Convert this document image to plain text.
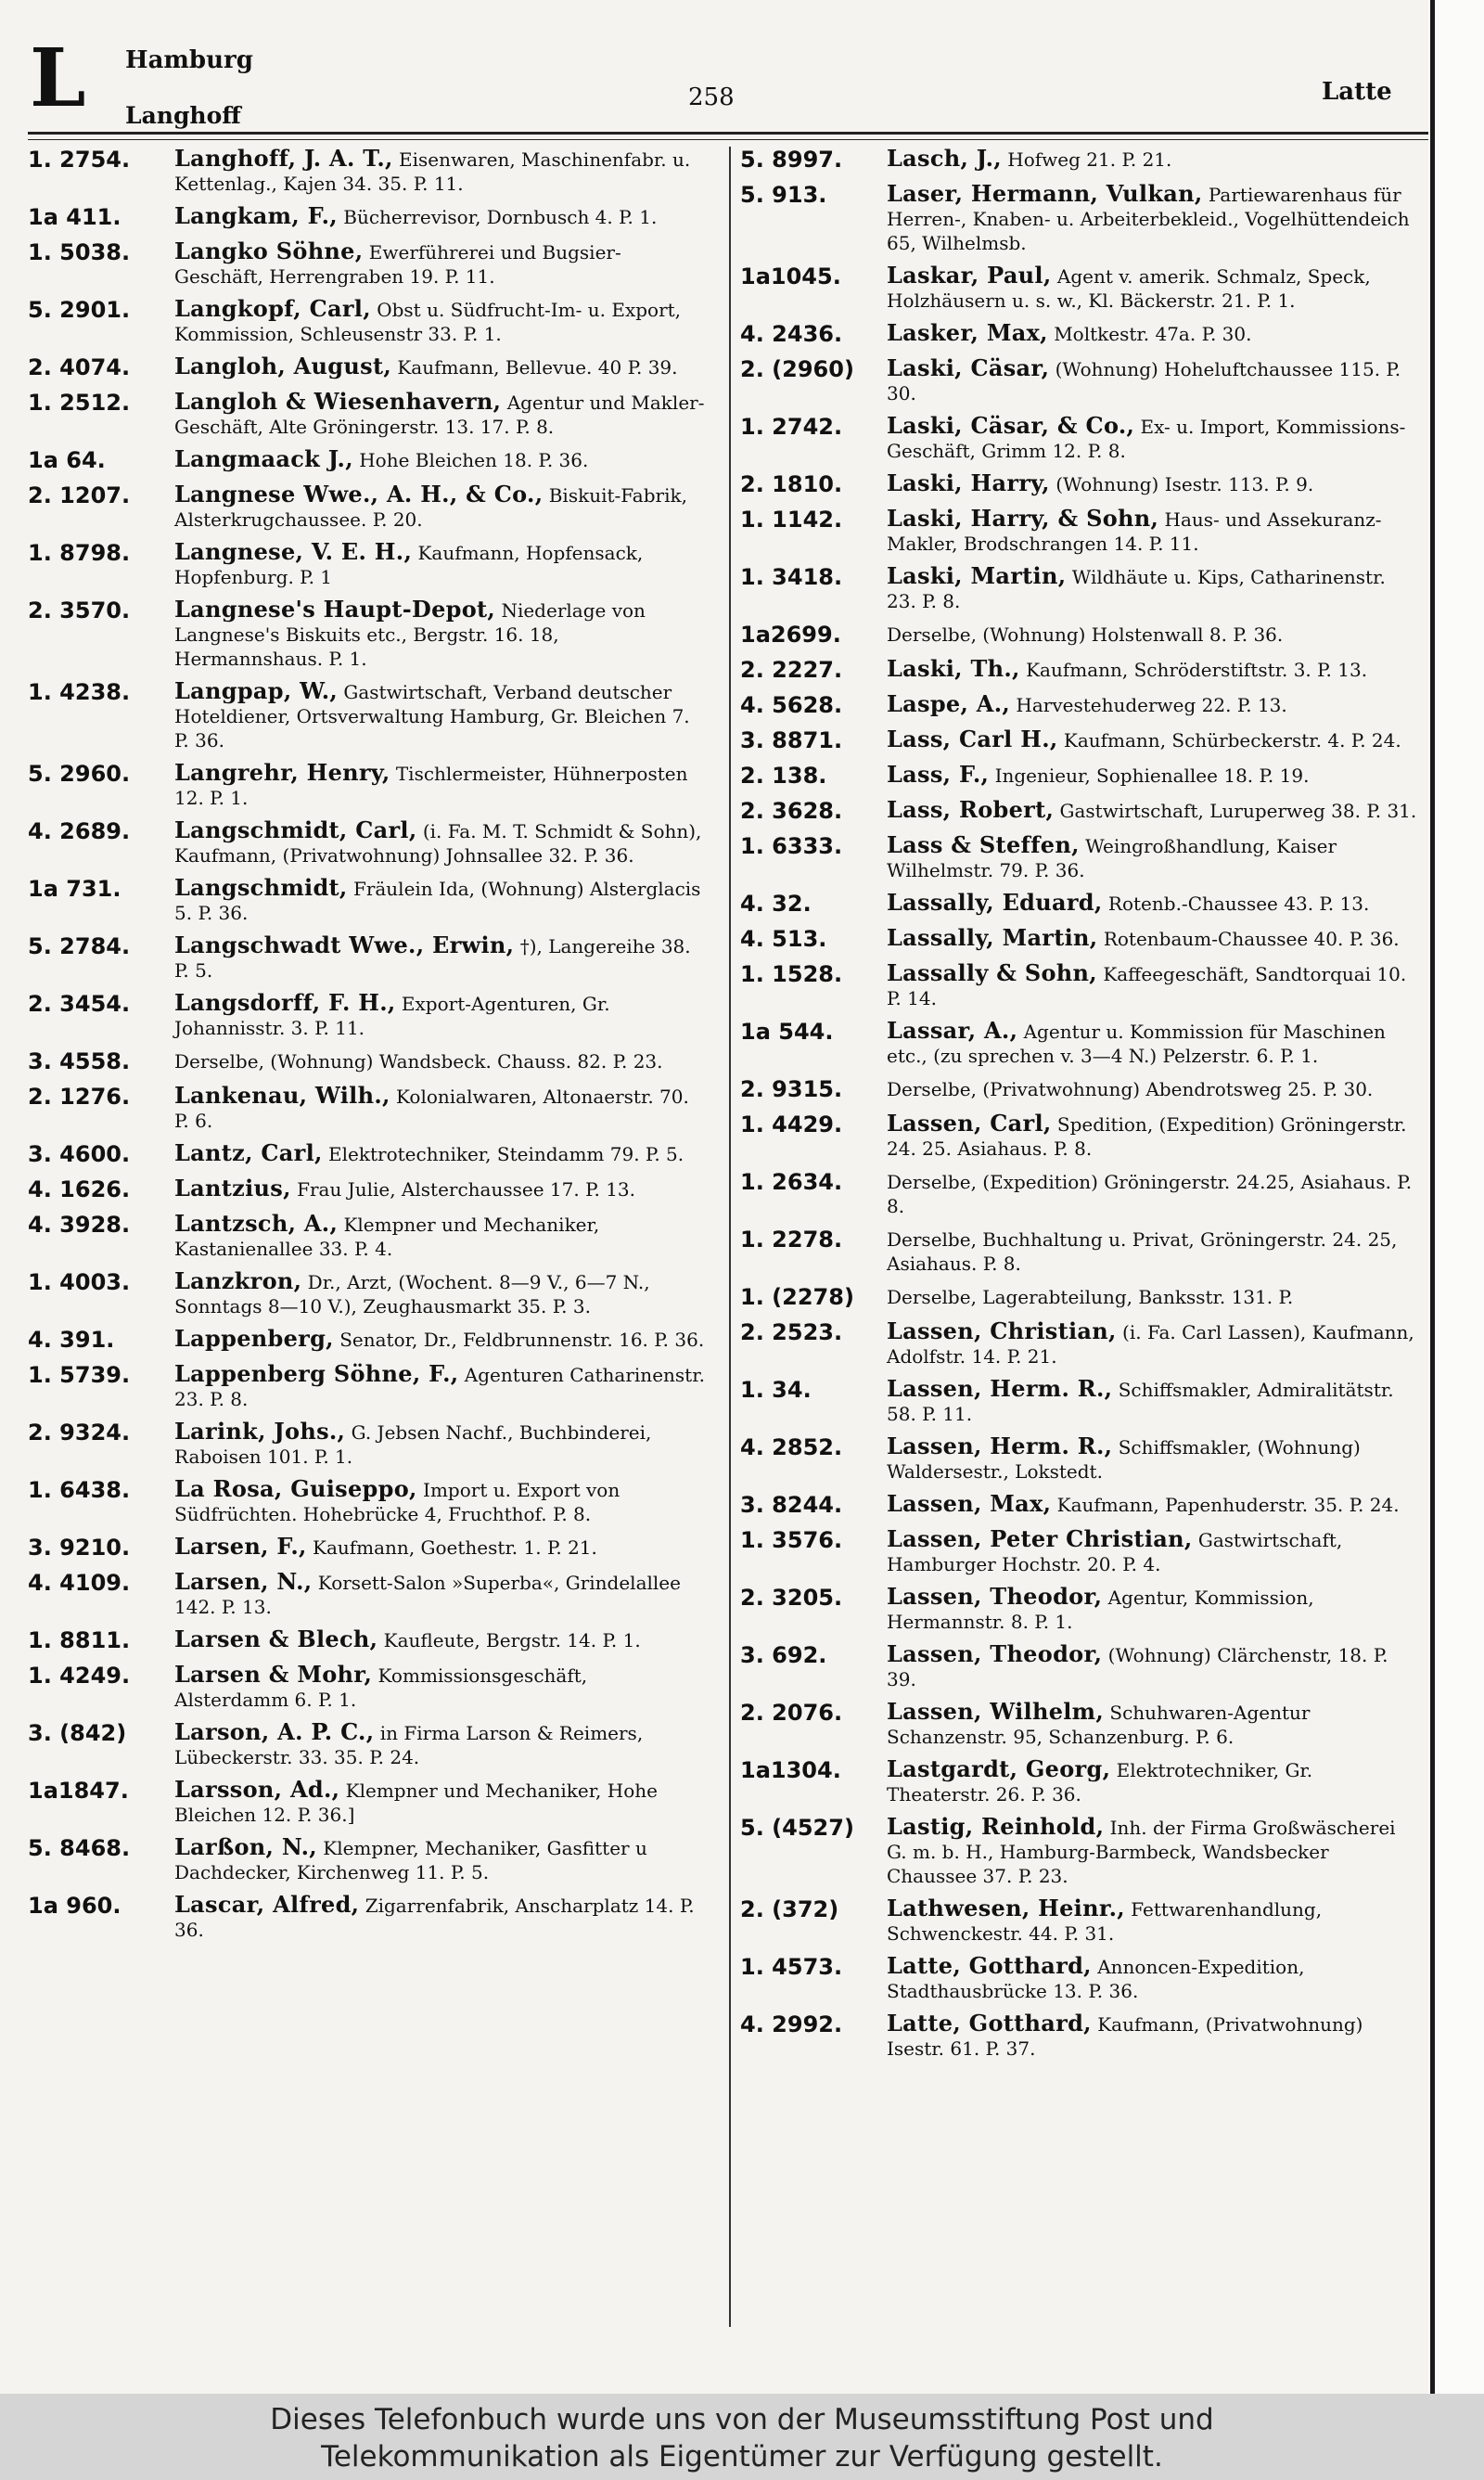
L Hamburg
Langhoff
258	Latte
1. 2754.	Langhoff, J. A. T., Eisenwaren, Maschinenfabr. u. Kettenlag., Kajen 34. 35. P. 11.
1a 411.	Langkam, F., Bücherrevisor, Dornbusch 4. P. 1.
1. 5038.	Langko Söhne, Ewerführerei und Bugsier-Geschäft, Herrengraben 19. P. 11.
5. 2901.	Langkopf, Carl, Obst u. Südfrucht-Im- u. Export, Kommission, Schleusenstr 33. P. 1.
2. 4074.	Langloh, August, Kaufmann, Bellevue. 40 P. 39.
1. 2512.	Langloh & Wiesenhavern, Agentur und Makler-Geschäft, Alte Gröningerstr. 13. 17. P. 8.
1a 64.	Langmaack J., Hohe Bleichen 18. P. 36.
2. 1207.	Langnese Wwe., A. H., & Co., Biskuit-Fabrik, Alsterkrugchaussee. P. 20.
1. 8798.	Langnese, V. E. H., Kaufmann, Hopfensack, Hopfenburg. P. 1
2. 3570.	Langnese's Haupt-Depot, Niederlage von Langnese's Biskuits etc., Bergstr. 16. 18, Hermannshaus. P. 1.
1. 4238.	Langpap, W., Gastwirtschaft, Verband deutscher Hoteldiener, Ortsverwaltung Hamburg, Gr. Bleichen 7. P. 36.
5. 2960.	Langrehr, Henry, Tischlermeister, Hühnerposten 12. P. 1.
4. 2689.	Langschmidt, Carl, (i. Fa. M. T. Schmidt & Sohn), Kaufmann, (Privatwohnung) Johnsallee 32. P. 36.
1a 731.	Langschmidt, Fräulein Ida, (Wohnung) Alsterglacis 5. P. 36.
5. 2784.	Langschwadt Wwe., Erwin, †), Langereihe 38. P. 5.
2. 3454.	Langsdorff, F. H., Export-Agenturen, Gr. Johannisstr. 3. P. 11.
3. 4558.	Derselbe, (Wohnung) Wandsbeck. Chauss. 82. P. 23.
2. 1276.	Lankenau, Wilh., Kolonialwaren, Altonaerstr. 70. P. 6.
3. 4600.	Lantz, Carl, Elektrotechniker, Steindamm 79. P. 5.
4. 1626.	Lantzius, Frau Julie, Alsterchaussee 17. P. 13.
4. 3928.	Lantzsch, A., Klempner und Mechaniker, Kastanienallee 33. P. 4.
1. 4003.	Lanzkron, Dr., Arzt, (Wochent. 8—9 V., 6—7 N., Sonntags 8—10 V.), Zeughausmarkt 35. P. 3.
4. 391.	Lappenberg, Senator, Dr., Feldbrunnenstr. 16. P. 36.
1. 5739.	Lappenberg Söhne, F., Agenturen Catharinenstr. 23. P. 8.
2. 9324.	Larink, Johs., G. Jebsen Nachf., Buchbinderei, Raboisen 101. P. 1.
1. 6438.	La Rosa, Guiseppo, Import u. Export von Südfrüchten. Hohebrücke 4, Fruchthof. P. 8.
3. 9210.	Larsen, F., Kaufmann, Goethestr. 1. P. 21.
4. 4109.	Larsen, N., Korsett-Salon »Superba«, Grindelallee 142. P. 13.
1. 8811.	Larsen & Blech, Kaufleute, Bergstr. 14. P. 1.
1. 4249.	Larsen & Mohr, Kommissionsgeschäft, Alsterdamm 6. P. 1.
3. (842)	Larson, A. P. C., in Firma Larson & Reimers, Lübeckerstr. 33. 35. P. 24.
1a1847.	Larsson, Ad., Klempner und Mechaniker, Hohe Bleichen 12. P. 36.]
5. 8468.	Larßon, N., Klempner, Mechaniker, Gasfitter u Dachdecker, Kirchenweg 11. P. 5.
1a 960.	Lascar, Alfred, Zigarrenfabrik, Anscharplatz 14. P. 36.
5. 8997.	Lasch, J., Hofweg 21. P. 21.
5. 913.	Laser, Hermann, Vulkan, Partiewarenhaus für Herren-, Knaben- u. Arbeiterbekleid., Vogelhüttendeich 65, Wilhelmsb.
1a1045.	Laskar, Paul, Agent v. amerik. Schmalz, Speck, Holzhäusern u. s. w., Kl. Bäckerstr. 21. P. 1.
4. 2436.	Lasker, Max, Moltkestr. 47a. P. 30.
2. (2960)	Laski, Cäsar, (Wohnung) Hoheluftchaussee 115. P. 30.
1. 2742.	Laski, Cäsar, & Co., Ex- u. Import, Kommissions-Geschäft, Grimm 12. P. 8.
2. 1810.	Laski, Harry, (Wohnung) Isestr. 113. P. 9.
1. 1142.	Laski, Harry, & Sohn, Haus- und Assekuranz-Makler, Brodschrangen 14. P. 11.
1. 3418.	Laski, Martin, Wildhäute u. Kips, Catharinenstr. 23. P. 8.
1a2699.	Derselbe, (Wohnung) Holstenwall 8. P. 36.
2. 2227.	Laski, Th., Kaufmann, Schröderstiftstr. 3. P. 13.
4. 5628.	Laspe, A., Harvestehuderweg 22. P. 13.
3. 8871.	Lass, Carl H., Kaufmann, Schürbeckerstr. 4. P. 24.
2. 138.	Lass, F., Ingenieur, Sophienallee 18. P. 19.
2. 3628.	Lass, Robert, Gastwirtschaft, Luruperweg 38. P. 31.
1. 6333.	Lass & Steffen, Weingroßhandlung, Kaiser Wilhelmstr. 79. P. 36.
4. 32.	Lassally, Eduard, Rotenb.-Chaussee 43. P. 13.
4. 513.	Lassally, Martin, Rotenbaum-Chaussee 40. P. 36.
1. 1528.	Lassally & Sohn, Kaffeegeschäft, Sandtorquai 10. P. 14.
1a 544.	Lassar, A., Agentur u. Kommission für Maschinen etc., (zu sprechen v. 3—4 N.) Pelzerstr. 6. P. 1.
2. 9315.	Derselbe, (Privatwohnung) Abendrotsweg 25. P. 30.
1. 4429.	Lassen, Carl, Spedition, (Expedition) Gröningerstr. 24. 25. Asiahaus. P. 8.
1. 2634.	Derselbe, (Expedition) Gröningerstr. 24.25, Asiahaus. P. 8.
1. 2278.	Derselbe, Buchhaltung u. Privat, Gröningerstr. 24. 25, Asiahaus. P. 8.
1. (2278)	Derselbe, Lagerabteilung, Banksstr. 131. P.
2. 2523.	Lassen, Christian, (i. Fa. Carl Lassen), Kaufmann, Adolfstr. 14. P. 21.
1. 34.	Lassen, Herm. R., Schiffsmakler, Admiralitätstr. 58. P. 11.
4. 2852.	Lassen, Herm. R., Schiffsmakler, (Wohnung) Waldersestr., Lokstedt.
3. 8244.	Lassen, Max, Kaufmann, Papenhuderstr. 35. P. 24.
1. 3576.	Lassen, Peter Christian, Gastwirtschaft, Hamburger Hochstr. 20. P. 4.
2. 3205.	Lassen, Theodor, Agentur, Kommission, Hermannstr. 8. P. 1.
3. 692.	Lassen, Theodor, (Wohnung) Clärchenstr, 18. P. 39.
2. 2076.	Lassen, Wilhelm, Schuhwaren-Agentur Schanzenstr. 95, Schanzenburg. P. 6.
1a1304.	Lastgardt, Georg, Elektrotechniker, Gr. Theaterstr. 26. P. 36.
5. (4527)	Lastig, Reinhold, Inh. der Firma Großwäscherei G. m. b. H., Hamburg-Barmbeck, Wandsbecker Chaussee 37. P. 23.
2. (372)	Lathwesen, Heinr., Fettwarenhandlung, Schwenckestr. 44. P. 31.
1. 4573.	Latte, Gotthard, Annoncen-Expedition, Stadthausbrücke 13. P. 36.
4. 2992.	Latte, Gotthard, Kaufmann, (Privatwohnung) Isestr. 61. P. 37.
Dieses Telefonbuch wurde uns von der Museumsstiftung Post und
Telekommunikation als Eigentümer zur Verfügung gestellt.
